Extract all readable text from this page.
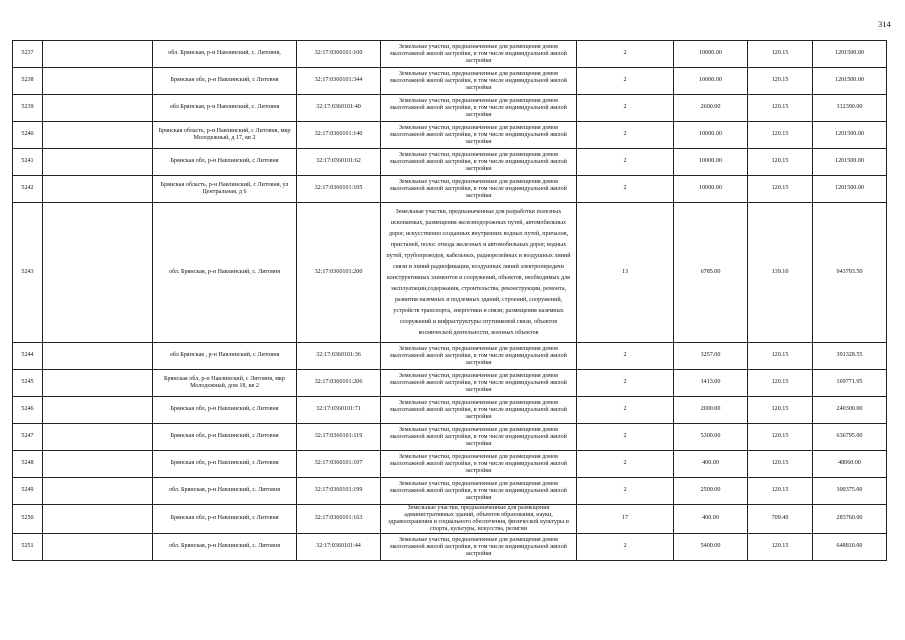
314
5237		обл. Брянская, р-н Навлинский, с. Литовня,	32:17:0360101:100	Земельные участки, предназначенные для размещения домов малоэтажной жилой застройки, в том числе индивидуальной жилой застройки	2	10000.00	120.15	1201500.00
5238		Брянская обл, р-н Навлинский, с Литовня	32:17:0360101:344	Земельные участки, предназначенные для размещения домов малоэтажной жилой застройки, в том числе индивидуальной жилой застройки	2	10000.00	120.15	1201500.00
5239		обл Брянская, р-н Навлинский, с. Литовня	32:17:0360101:40	Земельные участки, предназначенные для размещения домов малоэтажной жилой застройки, в том числе индивидуальной жилой застройки	2	2600.00	120.15	312390.00
5240		Брянская область, р-н Навлинский, с Литовня, мкр Молодежный, д 17, кв 2	32:17:0360101:140	Земельные участки, предназначенные для размещения домов малоэтажной жилой застройки, в том числе индивидуальной жилой застройки	2	10000.00	120.15	1201500.00
5241		Брянская обл, р-н Навлинский, с Литовня	32:17:0360101:62	Земельные участки, предназначенные для размещения домов малоэтажной жилой застройки, в том числе индивидуальной жилой застройки	2	10000.00	120.15	1201500.00
5242		Брянская область, р-н Навлинский, с Литовня, ул Центральная, д 6	32:17:0360101:105	Земельные участки, предназначенные для размещения домов малоэтажной жилой застройки, в том числе индивидуальной жилой застройки	2	10000.00	120.15	1201500.00
5243		обл. Брянская, р-н Навлинский, с. Литовня	32:17:0360101:200	Земельные участки, предназначенные для разработки полезных ископаемых, размещения железнодорожных путей, автомобильных дорог, искусственно созданных внутренних водных путей, причалов, пристаней, полос отвода железных и автомобильных дорог, водных путей, трубопроводов, кабельных, радиорелейных и воздушных линий связи и линий радиофикации, воздушных линий электропередачи конструктивных элементов и сооружений, объектов, необходимых для эксплуатации,содержания, строительства, реконструкции, ремонта, развития наземных и подземных зданий, строений, сооружений, устройств транспорта, энергетики и связи; размещения наземных сооружений и инфраструктуры спутниковой связи, объектов космической деятельности, военных объектов	13	6785.00	139.10	943793.50
5244		обл Брянская , р-н Навлинский, с Литовня	32:17:0360101:36	Земельные участки, предназначенные для размещения домов малоэтажной жилой застройки, в том числе индивидуальной жилой застройки	2	3257.00	120.15	391328.55
5245		Брянская обл, р-н Навлинский, с Литовня, мкр Молодежный, дом 18, кв 2	32:17:0360101:206	Земельные участки, предназначенные для размещения домов малоэтажной жилой застройки, в том числе индивидуальной жилой застройки	2	1413.00	120.15	169771.95
5246		Брянская обл, р-н Навлинский, с Литовня	32:17:0360101:71	Земельные участки, предназначенные для размещения домов малоэтажной жилой застройки, в том числе индивидуальной жилой застройки	2	2000.00	120.15	240300.00
5247		Брянская обл, р-н Навлинский, с Литовня	32:17:0360101:119	Земельные участки, предназначенные для размещения домов малоэтажной жилой застройки, в том числе индивидуальной жилой застройки	2	5300.00	120.15	636795.00
5248		Брянская обл, р-н Навлинский, с Литовня	32:17:0360101:107	Земельные участки, предназначенные для размещения домов малоэтажной жилой застройки, в том числе индивидуальной жилой застройки	2	400.00	120.15	48060.00
5249		обл. Брянская, р-н Навлинский, с. Литовня	32:17:0360101:199	Земельные участки, предназначенные для размещения домов малоэтажной жилой застройки, в том числе индивидуальной жилой застройки	2	2500.00	120.15	300375.00
5250		Брянская обл, р-н Навлинский, с Литовня	32:17:0360101:163	Земельные участки, предназначенные для размещения административных зданий, объектов образования, науки, здравоохранения и социального обеспечения, физической культуры и спорта, культуры, искусства, религии	17	400.00	709.40	283760.00
5251		обл. Брянская, р-н Навлинский, с. Литовня	32:17:0360101:44	Земельные участки, предназначенные для размещения домов малоэтажной жилой застройки, в том числе индивидуальной жилой застройки	2	5400.00	120.15	648810.00
